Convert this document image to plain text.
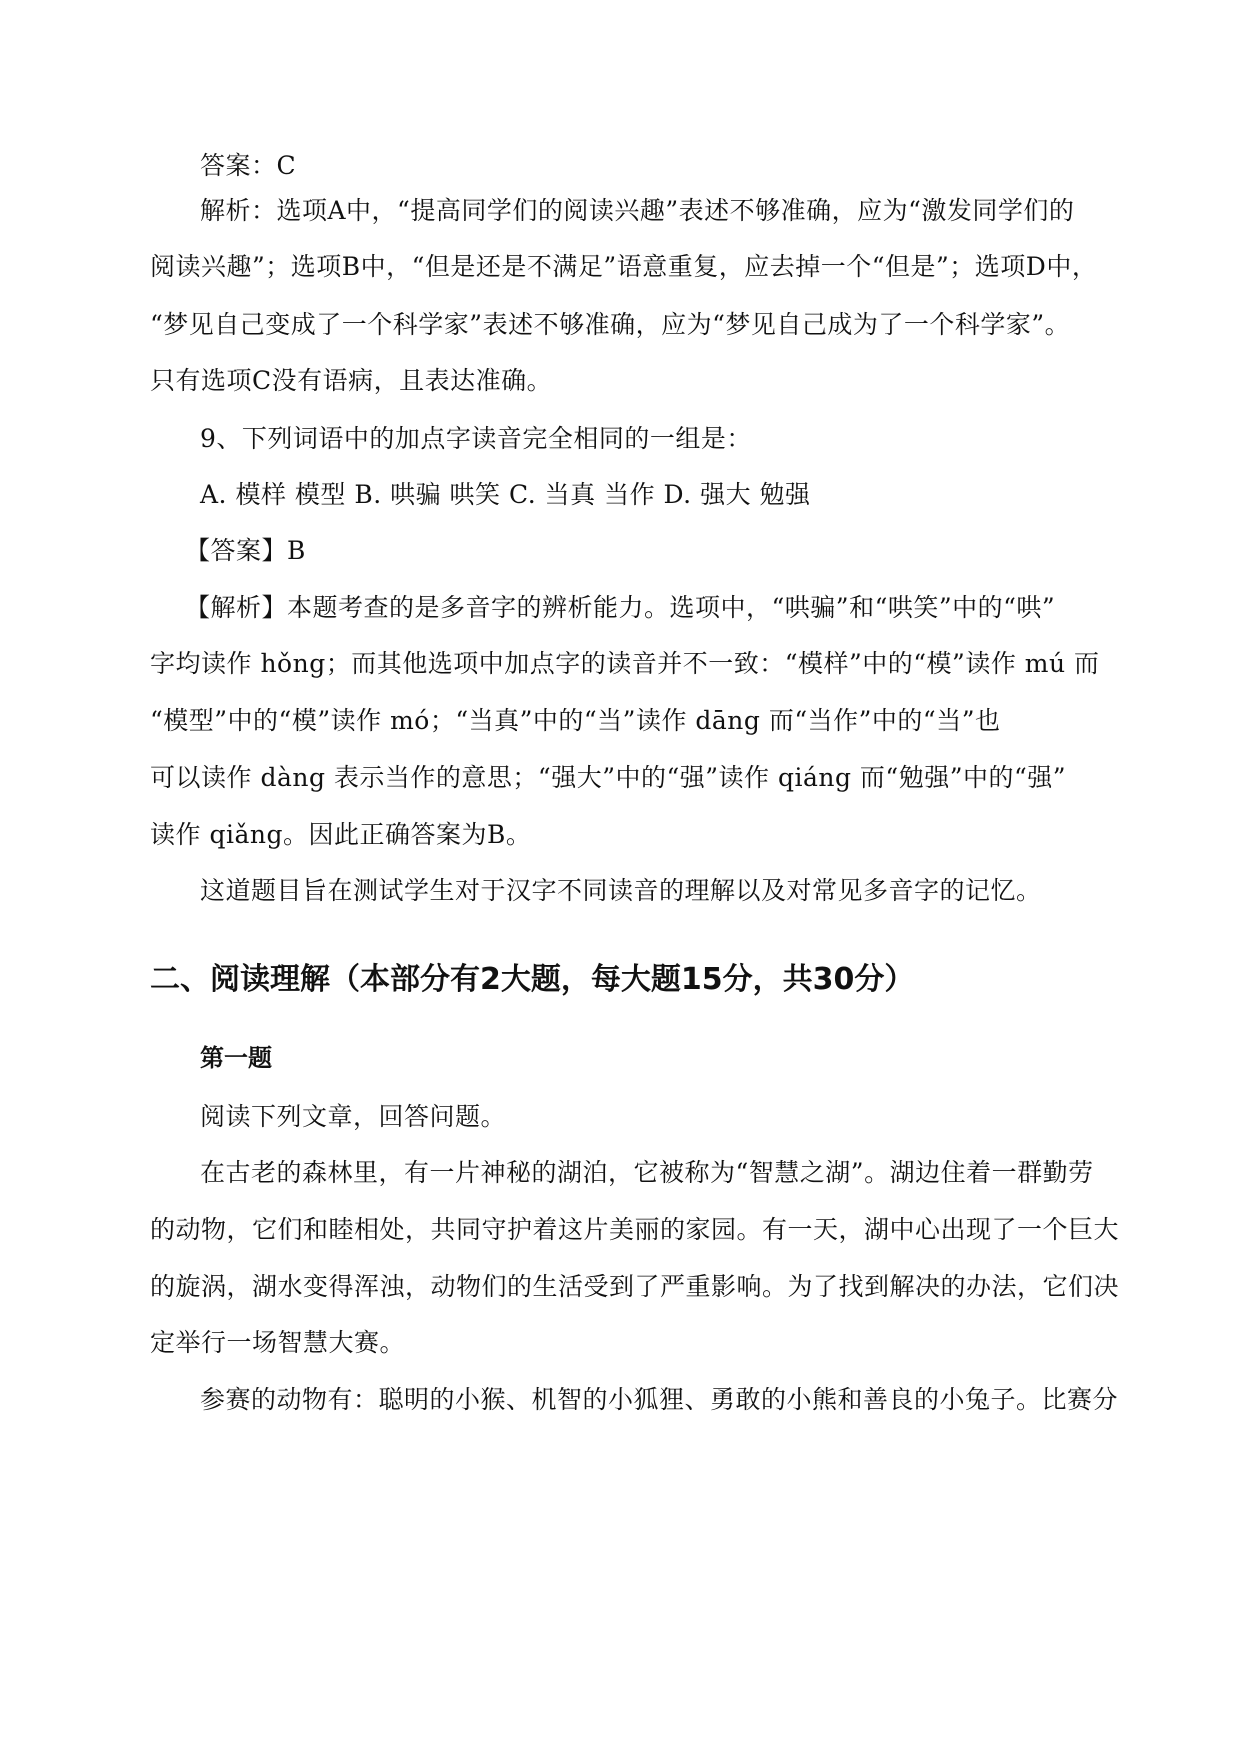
答案：C
解析：选项A中，“提高同学们的阅读兴趣”表述不够准确，应为“激发同学们的
阅读兴趣”；选项B中，“但是还是不满足”语意重复，应去掉一个“但是”；选项D中，
“梦见自己变成了一个科学家”表述不够准确，应为“梦见自己成为了一个科学家”。
只有选项C没有语病，且表达准确。
9、下列词语中的加点字读音完全相同的一组是：
A. 模样 模型 B. 哄骗 哄笑 C. 当真 当作 D. 强大 勉强
【答案】B
【解析】本题考查的是多音字的辨析能力。选项中，“哄骗”和“哄笑”中的“哄”
字均读作 hǒng；而其他选项中加点字的读音并不一致：“模样”中的“模”读作 mú 而
“模型”中的“模”读作 mó；“当真”中的“当”读作 dāng 而“当作”中的“当”也
可以读作 dàng 表示当作的意思；“强大”中的“强”读作 qiáng 而“勉强”中的“强”
读作 qiǎng。因此正确答案为B。
这道题目旨在测试学生对于汉字不同读音的理解以及对常见多音字的记忆。
二、阅读理解（本部分有2大题，每大题15分，共30分）
第一题
阅读下列文章，回答问题。
在古老的森林里，有一片神秘的湖泊，它被称为“智慧之湖”。湖边住着一群勤劳
的动物，它们和睦相处，共同守护着这片美丽的家园。有一天，湖中心出现了一个巨大
的旋涡，湖水变得浑浊，动物们的生活受到了严重影响。为了找到解决的办法，它们决
定举行一场智慧大赛。
参赛的动物有：聪明的小猴、机智的小狐狸、勇敢的小熊和善良的小兔子。比赛分
